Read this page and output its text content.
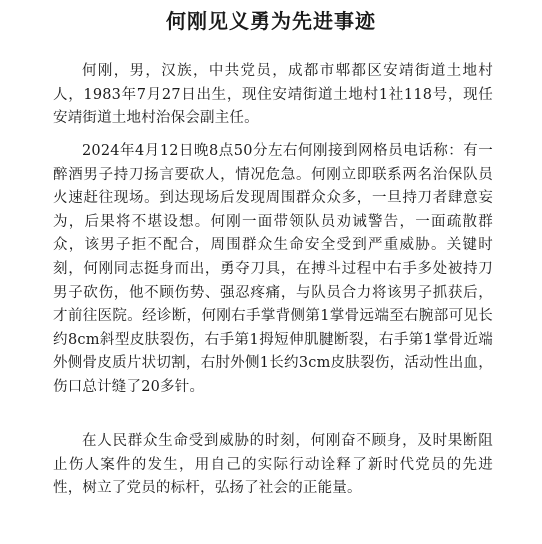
何刚见义勇为先进事迹

何刚，男，汉族，中共党员，成都市郫都区安靖街道土地村人，1983年7月27日出生，现住安靖街道土地村1社118号，现任安靖街道土地村治保会副主任。

2024年4月12日晚8点50分左右何刚接到网格员电话称：有一醉酒男子持刀扬言要砍人，情况危急。何刚立即联系两名治保队员火速赶往现场。到达现场后发现周围群众众多，一旦持刀者肆意妄为，后果将不堪设想。何刚一面带领队员劝诫警告，一面疏散群众，该男子拒不配合，周围群众生命安全受到严重威胁。关键时刻，何刚同志挺身而出，勇夺刀具，在搏斗过程中右手多处被持刀男子砍伤，他不顾伤势、强忍疼痛，与队员合力将该男子抓获后，才前往医院。经诊断，何刚右手掌背侧第1掌骨远端至右腕部可见长约8cm斜型皮肤裂伤，右手第1拇短伸肌腱断裂，右手第1掌骨近端外侧骨皮质片状切割，右肘外侧1长约3cm皮肤裂伤，活动性出血，伤口总计缝了20多针。

在人民群众生命受到威胁的时刻，何刚奋不顾身，及时果断阻止伤人案件的发生，用自己的实际行动诠释了新时代党员的先进性，树立了党员的标杆，弘扬了社会的正能量。
